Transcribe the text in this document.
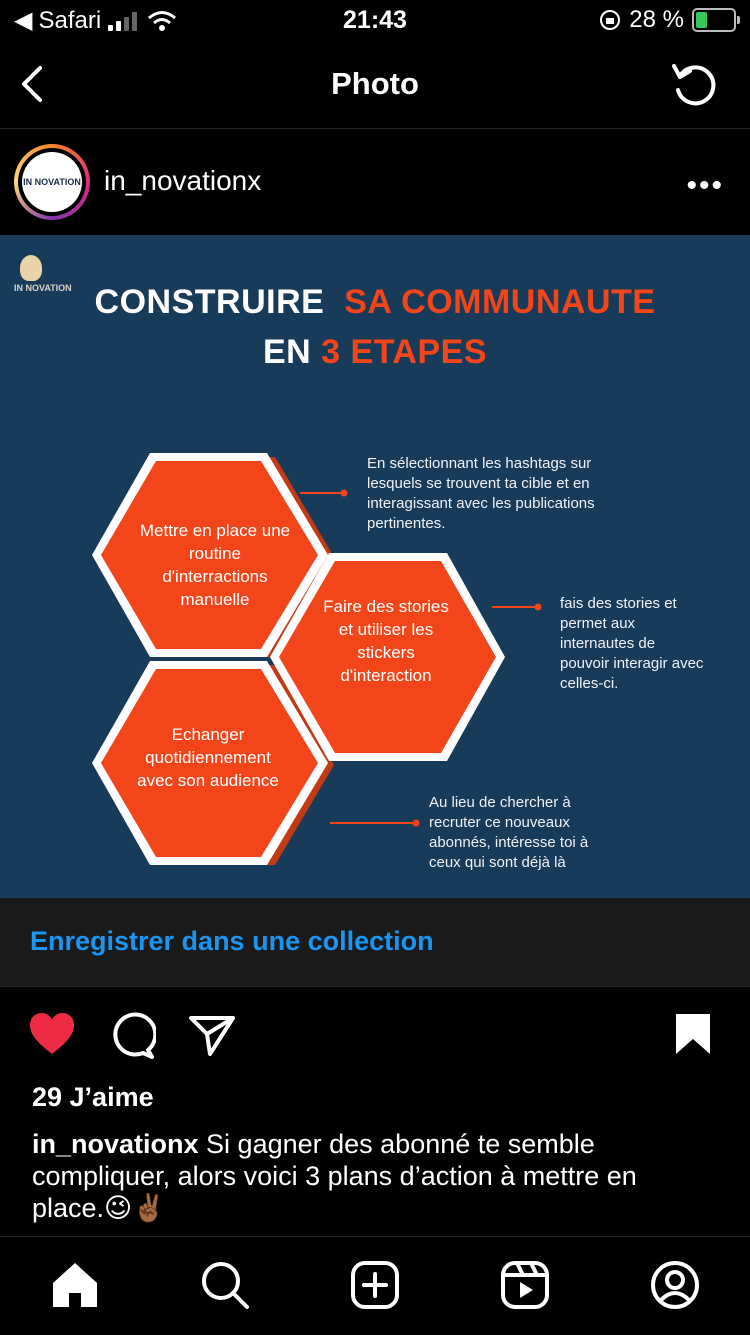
◀ Safari	21:43	28 %
Photo
IN NOVATION in_novationx	•••
IN NOVATION CONSTRUIRE SA COMMUNAUTE
EN 3 ETAPES
Mettre en place une routine d'interractions manuelle	Faire des stories et utiliser les stickers d'interaction
Echanger quotidiennement avec son audience
En sélectionnant les hashtags sur lesquels se trouvent ta cible et en interagissant avec les publications pertinentes.
fais des stories et permet aux internautes de pouvoir interagir avec celles-ci.
Au lieu de chercher à recruter ce nouveaux abonnés, intéresse toi à ceux qui sont déjà là
Enregistrer dans une collection
29 J’aime
in_novationx Si gagner des abonné te semble compliquer, alors voici 3 plans d’action à mettre en place.😉✌🏾
